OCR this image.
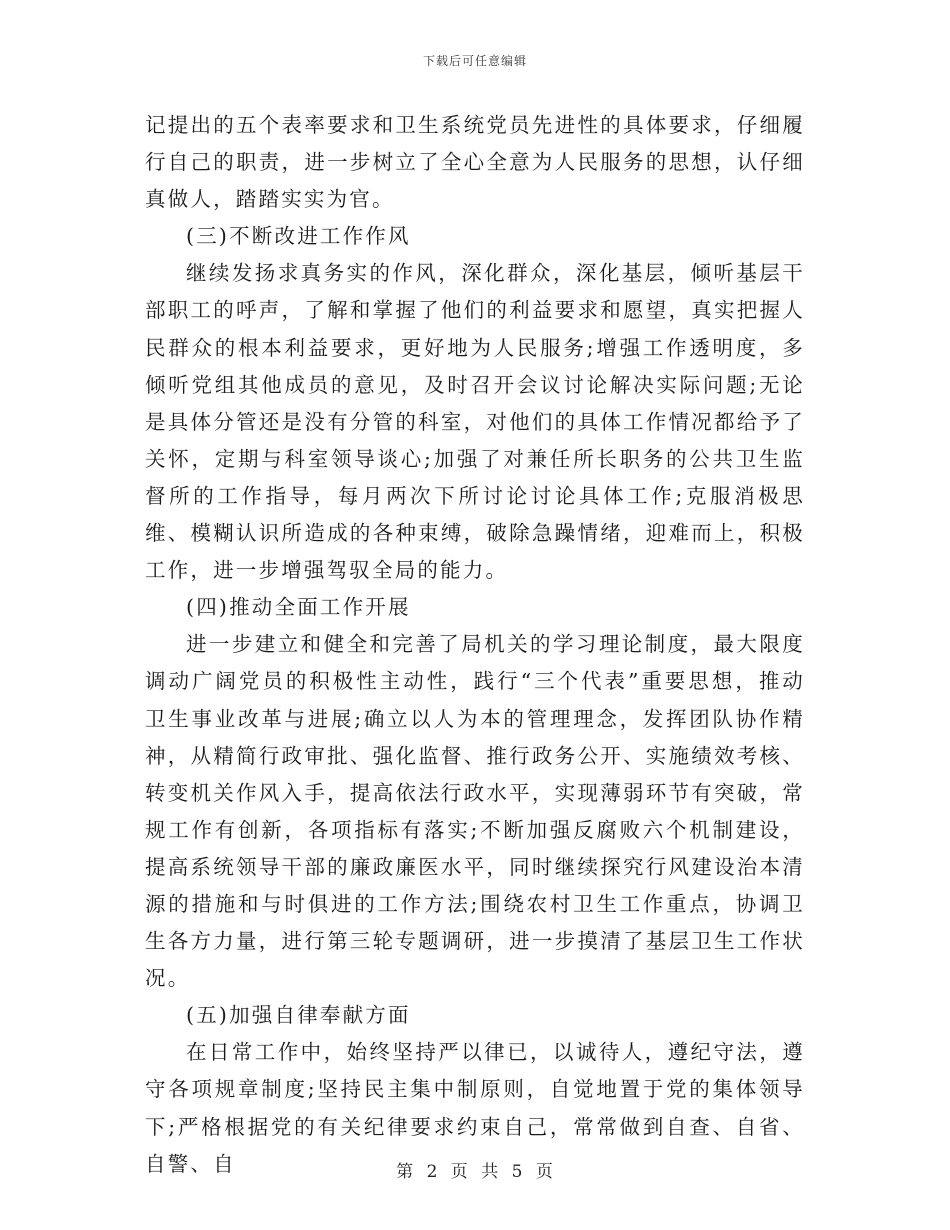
下载后可任意编辑

记提出的五个表率要求和卫生系统党员先进性的具体要求，仔细履行自己的职责，进一步树立了全心全意为人民服务的思想，认仔细真做人，踏踏实实为官。

(三)不断改进工作作风

继续发扬求真务实的作风，深化群众，深化基层，倾听基层干部职工的呼声，了解和掌握了他们的利益要求和愿望，真实把握人民群众的根本利益要求，更好地为人民服务;增强工作透明度，多倾听党组其他成员的意见，及时召开会议讨论解决实际问题;无论是具体分管还是没有分管的科室，对他们的具体工作情况都给予了关怀，定期与科室领导谈心;加强了对兼任所长职务的公共卫生监督所的工作指导，每月两次下所讨论讨论具体工作;克服消极思维、模糊认识所造成的各种束缚，破除急躁情绪，迎难而上，积极工作，进一步增强驾驭全局的能力。

(四)推动全面工作开展

进一步建立和健全和完善了局机关的学习理论制度，最大限度调动广阔党员的积极性主动性，践行“三个代表”重要思想，推动卫生事业改革与进展;确立以人为本的管理理念，发挥团队协作精神，从精简行政审批、强化监督、推行政务公开、实施绩效考核、转变机关作风入手，提高依法行政水平，实现薄弱环节有突破，常规工作有创新，各项指标有落实;不断加强反腐败六个机制建设，提高系统领导干部的廉政廉医水平，同时继续探究行风建设治本清源的措施和与时俱进的工作方法;围绕农村卫生工作重点，协调卫生各方力量，进行第三轮专题调研，进一步摸清了基层卫生工作状况。

(五)加强自律奉献方面

在日常工作中，始终坚持严以律已，以诚待人，遵纪守法，遵守各项规章制度;坚持民主集中制原则，自觉地置于党的集体领导下;严格根据党的有关纪律要求约束自己，常常做到自查、自省、自警、自	第 2 页 共 5 页
